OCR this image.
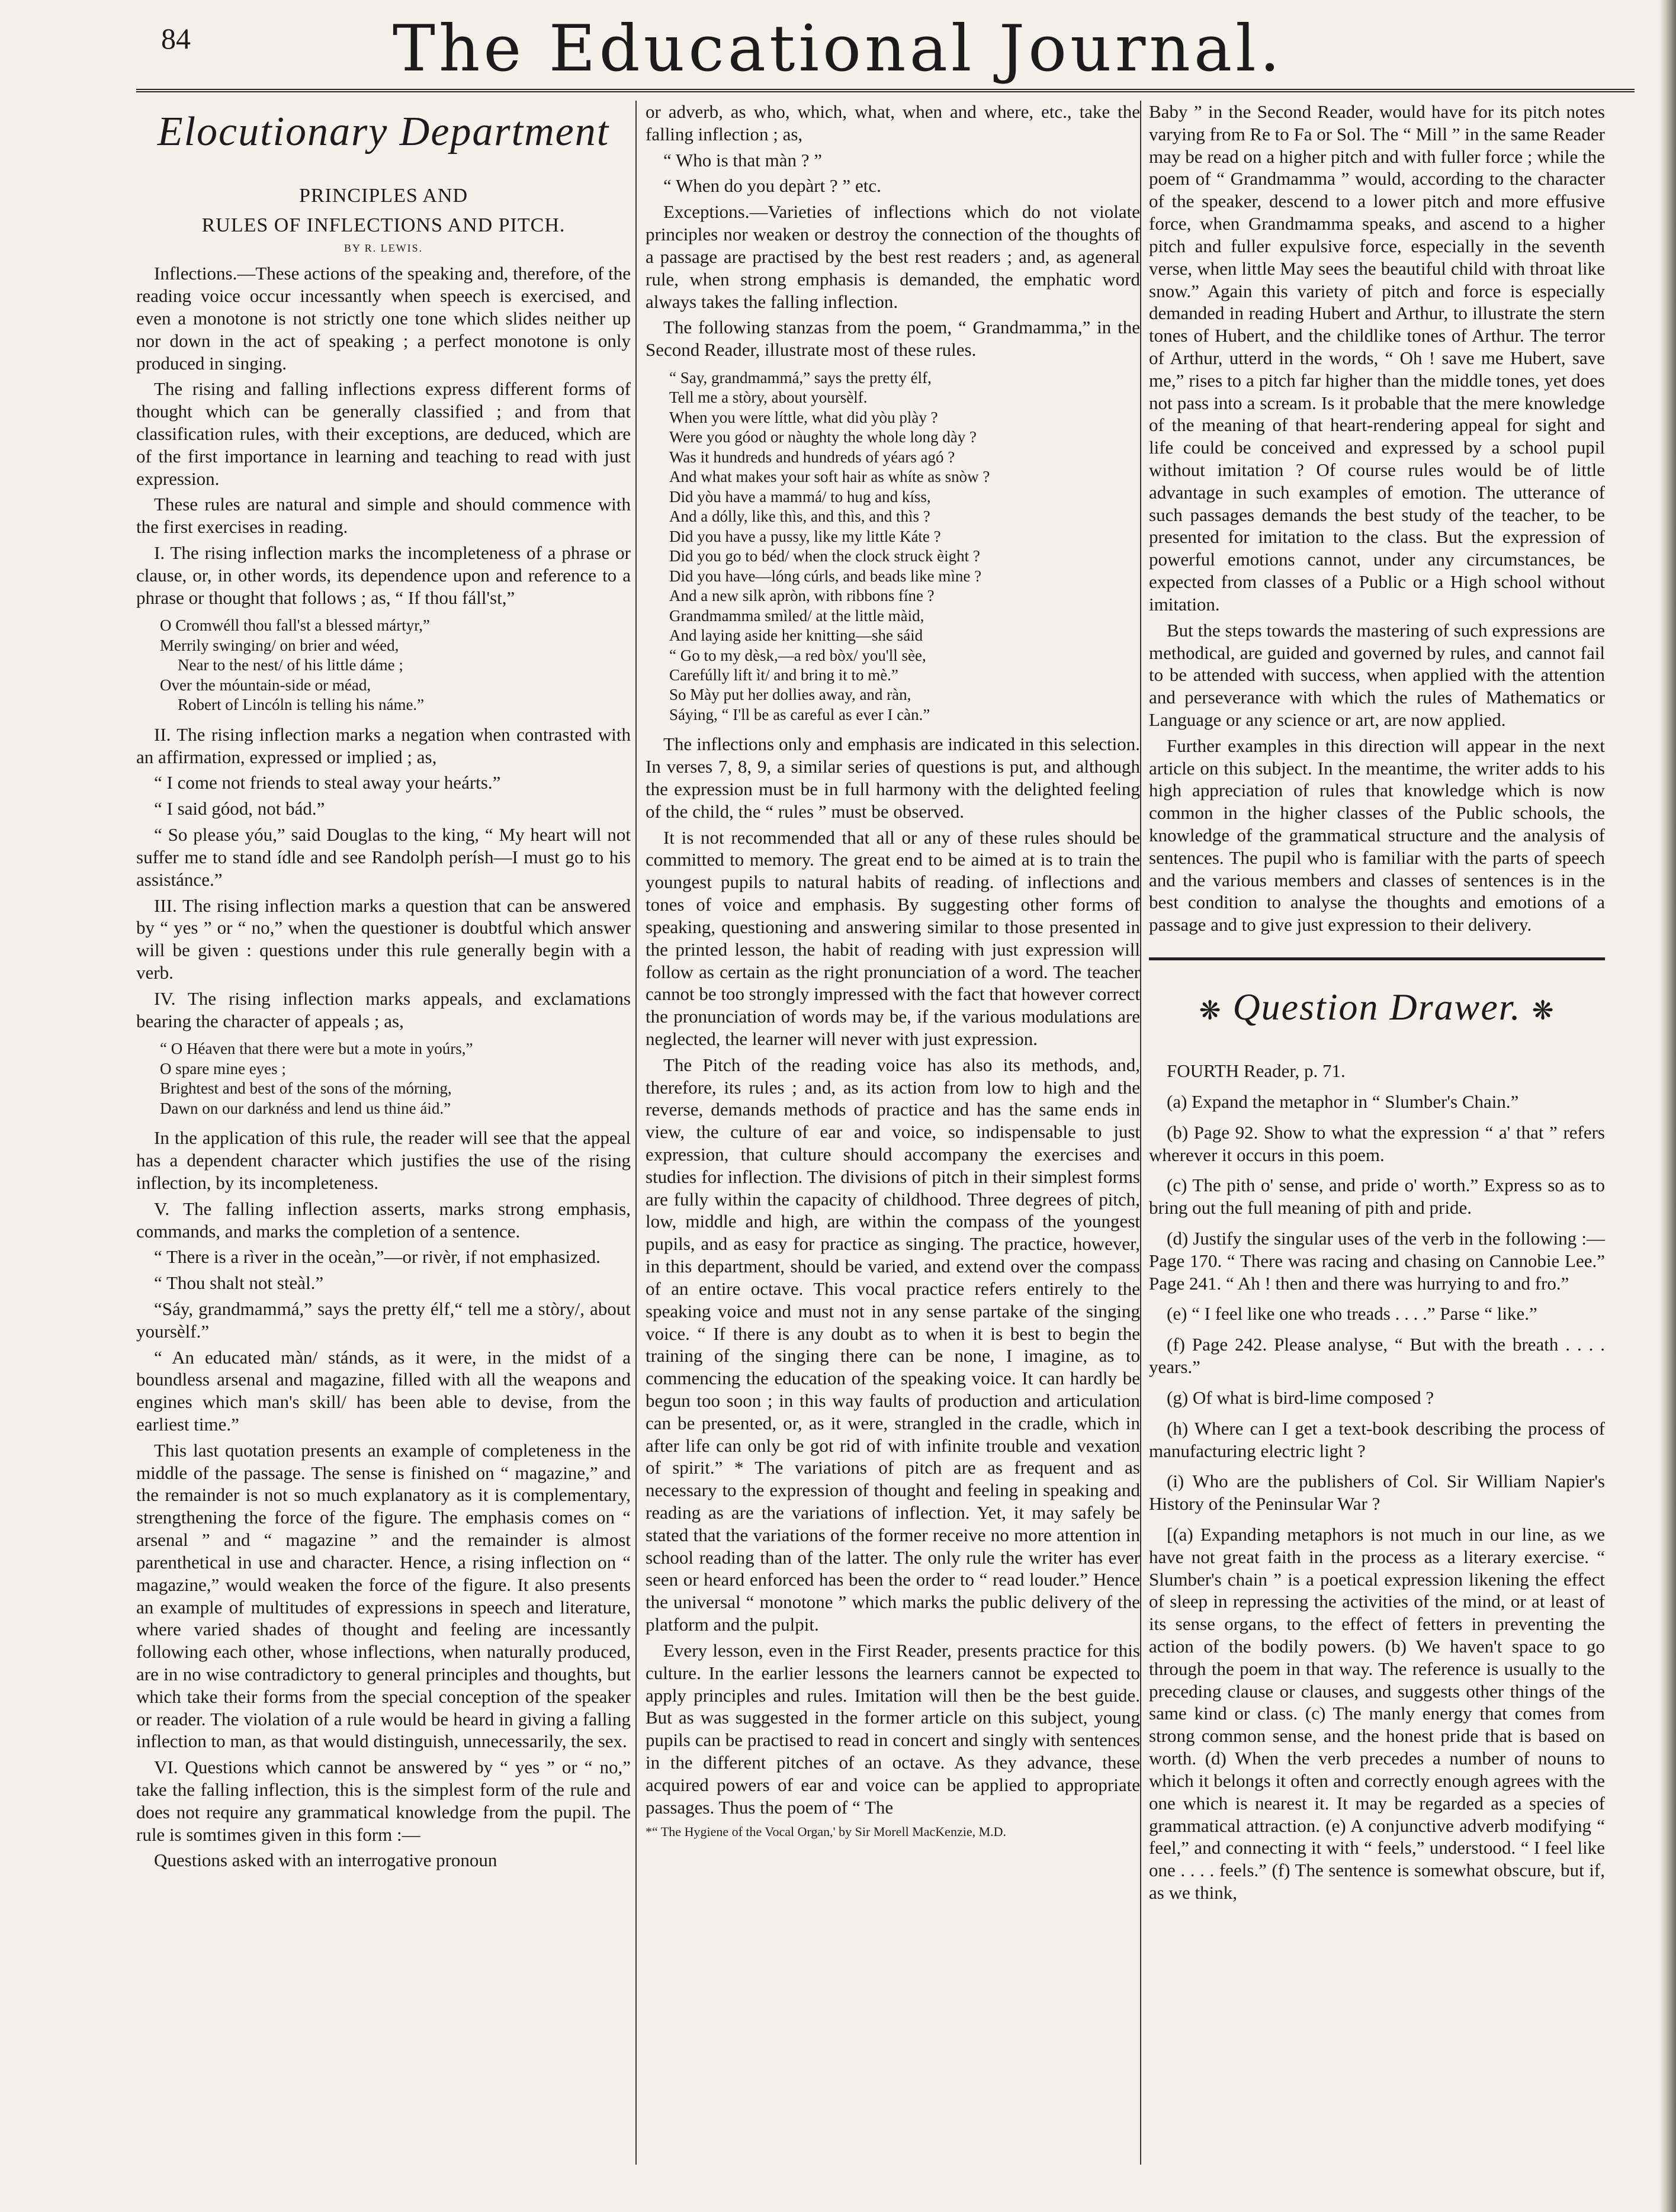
84	The Educational Journal.
Elocutionary Department
PRINCIPLES AND
RULES OF INFLECTIONS AND PITCH.
BY R. LEWIS.

Inflections.—These actions of the speaking and, therefore, of the reading voice occur incessantly when speech is exercised, and even a monotone is not strictly one tone which slides neither up nor down in the act of speaking ; a perfect monotone is only produced in singing.

The rising and falling inflections express different forms of thought which can be generally classified ; and from that classification rules, with their exceptions, are deduced, which are of the first importance in learning and teaching to read with just expression.

These rules are natural and simple and should commence with the first exercises in reading.

I. The rising inflection marks the incompleteness of a phrase or clause, or, in other words, its dependence upon and reference to a phrase or thought that follows ; as, “ If thou fáll'st,”

O Cromwéll thou fall'st a blessed mártyr,”
Merrily swinging/ on brier and wéed,
Near to the nest/ of his little dáme ;
Over the móuntain-side or méad,
Robert of Lincóln is telling his náme.”

II. The rising inflection marks a negation when contrasted with an affirmation, expressed or implied ; as,

“ I come not friends to steal away your heárts.”

“ I said góod, not bád.”

“ So please yóu,” said Douglas to the king, “ My heart will not suffer me to stand ídle and see Randolph perísh—I must go to his assistánce.”

III. The rising inflection marks a question that can be answered by “ yes ” or “ no,” when the questioner is doubtful which answer will be given : questions under this rule generally begin with a verb.

IV. The rising inflection marks appeals, and exclamations bearing the character of appeals ; as,

“ O Héaven that there were but a mote in yoúrs,”
O spare mine eyes ;
Brightest and best of the sons of the mórning,
Dawn on our darknéss and lend us thine áid.”

In the application of this rule, the reader will see that the appeal has a dependent character which justifies the use of the rising inflection, by its incompleteness.

V. The falling inflection asserts, marks strong emphasis, commands, and marks the completion of a sentence.

“ There is a rìver in the oceàn,”—or rivèr, if not emphasized.

“ Thou shalt not steàl.”

“Sáy, grandmammá,” says the pretty élf,“ tell me a stòry/, about yoursèlf.”

“ An educated màn/ stánds, as it were, in the midst of a boundless arsenal and magazine, filled with all the weapons and engines which man's skill/ has been able to devise, from the earliest time.”

This last quotation presents an example of completeness in the middle of the passage. The sense is finished on “ magazine,” and the remainder is not so much explanatory as it is complementary, strengthening the force of the figure. The emphasis comes on “ arsenal ” and “ magazine ” and the remainder is almost parenthetical in use and character. Hence, a rising inflection on “ magazine,” would weaken the force of the figure. It also presents an example of multitudes of expressions in speech and literature, where varied shades of thought and feeling are incessantly following each other, whose inflections, when naturally produced, are in no wise contradictory to general principles and thoughts, but which take their forms from the special conception of the speaker or reader. The violation of a rule would be heard in giving a falling inflection to man, as that would distinguish, unnecessarily, the sex.

VI. Questions which cannot be answered by “ yes ” or “ no,” take the falling inflection, this is the simplest form of the rule and does not require any grammatical knowledge from the pupil. The rule is somtimes given in this form :—

Questions asked with an interrogative pronoun

or adverb, as who, which, what, when and where, etc., take the falling inflection ; as,

“ Who is that màn ? ”

“ When do you depàrt ? ” etc.

Exceptions.—Varieties of inflections which do not violate principles nor weaken or destroy the connection of the thoughts of a passage are practised by the best rest readers ; and, as ageneral rule, when strong emphasis is demanded, the emphatic word always takes the falling inflection.

The following stanzas from the poem, “ Grandmamma,” in the Second Reader, illustrate most of these rules.

“ Say, grandmammá,” says the pretty élf,
Tell me a stòry, about yoursèlf.
When you were líttle, what did yòu plày ?
Were you góod or nàughty the whole long dày ?
Was it hundreds and hundreds of yéars agó ?
And what makes your soft hair as whíte as snòw ?
Did yòu have a mammá/ to hug and kíss,
And a dólly, like thìs, and thìs, and thìs ?
Did you have a pussy, like my little Káte ?
Did you go to béd/ when the clock struck èight ?
Did you have—lóng cúrls, and beads like mìne ?
And a new silk apròn, with ribbons fíne ?
Grandmamma smìled/ at the little màid,
And laying aside her knitting—she sáid
“ Go to my dèsk,—a red bòx/ you'll sèe,
Carefúlly lift ìt/ and bring it to mè.”
So Mày put her dollies away, and ràn,
Sáying, “ I'll be as careful as ever I càn.”

The inflections only and emphasis are indicated in this selection. In verses 7, 8, 9, a similar series of questions is put, and although the expression must be in full harmony with the delighted feeling of the child, the “ rules ” must be observed.

It is not recommended that all or any of these rules should be committed to memory. The great end to be aimed at is to train the youngest pupils to natural habits of reading. of inflections and tones of voice and emphasis. By suggesting other forms of speaking, questioning and answering similar to those presented in the printed lesson, the habit of reading with just expression will follow as certain as the right pronunciation of a word. The teacher cannot be too strongly impressed with the fact that however correct the pronunciation of words may be, if the various modulations are neglected, the learner will never with just expression.

The Pitch of the reading voice has also its methods, and, therefore, its rules ; and, as its action from low to high and the reverse, demands methods of practice and has the same ends in view, the culture of ear and voice, so indispensable to just expression, that culture should accompany the exercises and studies for inflection. The divisions of pitch in their simplest forms are fully within the capacity of childhood. Three degrees of pitch, low, middle and high, are within the compass of the youngest pupils, and as easy for practice as singing. The practice, however, in this department, should be varied, and extend over the compass of an entire octave. This vocal practice refers entirely to the speaking voice and must not in any sense partake of the singing voice. “ If there is any doubt as to when it is best to begin the training of the singing there can be none, I imagine, as to commencing the education of the speaking voice. It can hardly be begun too soon ; in this way faults of production and articulation can be presented, or, as it were, strangled in the cradle, which in after life can only be got rid of with infinite trouble and vexation of spirit.” * The variations of pitch are as frequent and as necessary to the expression of thought and feeling in speaking and reading as are the variations of inflection. Yet, it may safely be stated that the variations of the former receive no more attention in school reading than of the latter. The only rule the writer has ever seen or heard enforced has been the order to “ read louder.” Hence the universal “ monotone ” which marks the public delivery of the platform and the pulpit.

Every lesson, even in the First Reader, presents practice for this culture. In the earlier lessons the learners cannot be expected to apply principles and rules. Imitation will then be the best guide. But as was suggested in the former article on this subject, young pupils can be practised to read in concert and singly with sentences in the different pitches of an octave. As they advance, these acquired powers of ear and voice can be applied to appropriate passages. Thus the poem of “ The

*“ The Hygiene of the Vocal Organ,' by Sir Morell MacKenzie, M.D.

Baby ” in the Second Reader, would have for its pitch notes varying from Re to Fa or Sol. The “ Mill ” in the same Reader may be read on a higher pitch and with fuller force ; while the poem of “ Grandmamma ” would, according to the character of the speaker, descend to a lower pitch and more effusive force, when Grandmamma speaks, and ascend to a higher pitch and fuller expulsive force, especially in the seventh verse, when little May sees the beautiful child with throat like snow.” Again this variety of pitch and force is especially demanded in reading Hubert and Arthur, to illustrate the stern tones of Hubert, and the childlike tones of Arthur. The terror of Arthur, utterd in the words, “ Oh ! save me Hubert, save me,” rises to a pitch far higher than the middle tones, yet does not pass into a scream. Is it probable that the mere knowledge of the meaning of that heart-rendering appeal for sight and life could be conceived and expressed by a school pupil without imitation ? Of course rules would be of little advantage in such examples of emotion. The utterance of such passages demands the best study of the teacher, to be presented for imitation to the class. But the expression of powerful emotions cannot, under any circumstances, be expected from classes of a Public or a High school without imitation.

But the steps towards the mastering of such expressions are methodical, are guided and governed by rules, and cannot fail to be attended with success, when applied with the attention and perseverance with which the rules of Mathematics or Language or any science or art, are now applied.

Further examples in this direction will appear in the next article on this subject. In the meantime, the writer adds to his high appreciation of rules that knowledge which is now common in the higher classes of the Public schools, the knowledge of the grammatical structure and the analysis of sentences. The pupil who is familiar with the parts of speech and the various members and classes of sentences is in the best condition to analyse the thoughts and emotions of a passage and to give just expression to their delivery.

❋ Question Drawer. ❋

FOURTH Reader, p. 71.

(a) Expand the metaphor in “ Slumber's Chain.”

(b) Page 92. Show to what the expression “ a' that ” refers wherever it occurs in this poem.

(c) The pith o' sense, and pride o' worth.” Express so as to bring out the full meaning of pith and pride.

(d) Justify the singular uses of the verb in the following :—Page 170. “ There was racing and chasing on Cannobie Lee.” Page 241. “ Ah ! then and there was hurrying to and fro.”

(e) “ I feel like one who treads . . . .” Parse “ like.”

(f) Page 242. Please analyse, “ But with the breath . . . . years.”

(g) Of what is bird-lime composed ?

(h) Where can I get a text-book describing the process of manufacturing electric light ?

(i) Who are the publishers of Col. Sir William Napier's History of the Peninsular War ?

[(a) Expanding metaphors is not much in our line, as we have not great faith in the process as a literary exercise. “ Slumber's chain ” is a poetical expression likening the effect of sleep in repressing the activities of the mind, or at least of its sense organs, to the effect of fetters in preventing the action of the bodily powers. (b) We haven't space to go through the poem in that way. The reference is usually to the preceding clause or clauses, and suggests other things of the same kind or class. (c) The manly energy that comes from strong common sense, and the honest pride that is based on worth. (d) When the verb precedes a number of nouns to which it belongs it often and correctly enough agrees with the one which is nearest it. It may be regarded as a species of grammatical attraction. (e) A conjunctive adverb modifying “ feel,” and connecting it with “ feels,” understood. “ I feel like one . . . . feels.” (f) The sentence is somewhat obscure, but if, as we think,
